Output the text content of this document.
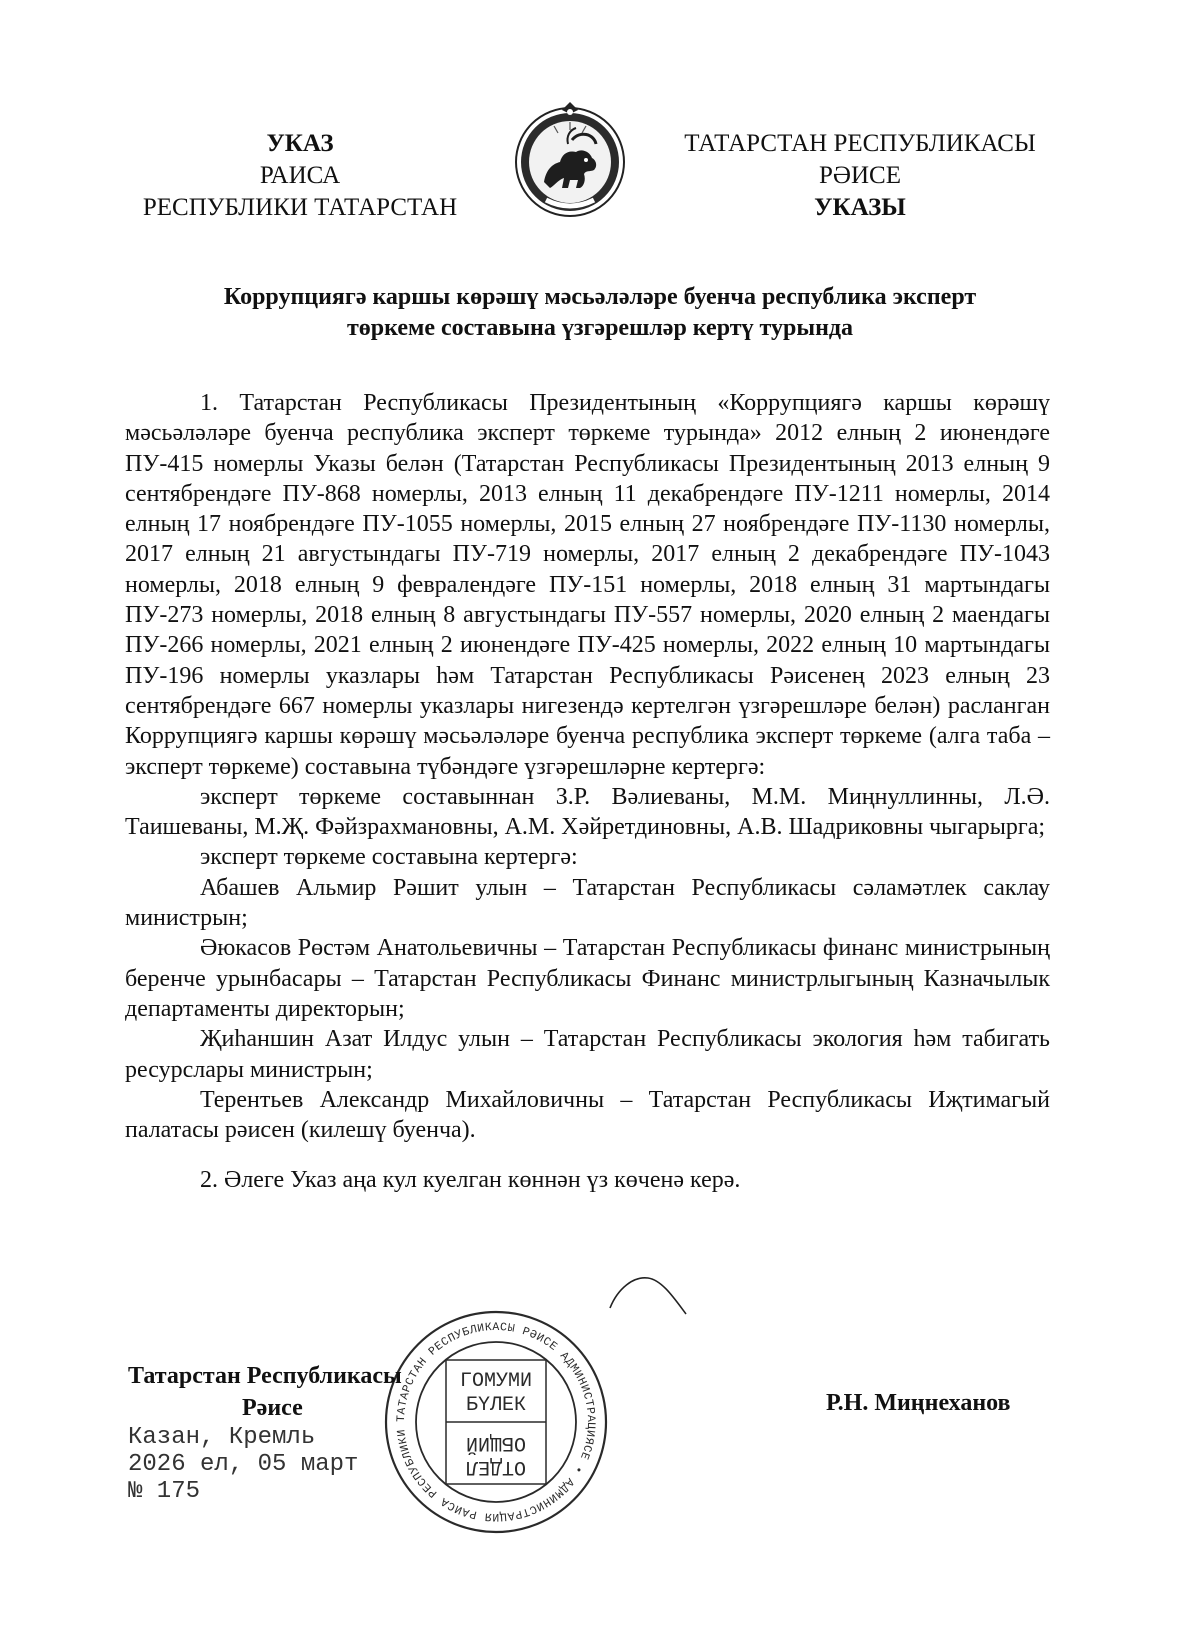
УКАЗ
РАИСА
РЕСПУБЛИКИ ТАТАРСТАН
ТАТАРСТАН РЕСПУБЛИКАСЫ
РӘИСЕ
УКАЗЫ
Коррупциягә каршы көрәшү мәсьәләләре буенча республика эксперт
төркеме составына үзгәрешләр кертү турында

1. Татарстан Республикасы Президентының «Коррупциягә каршы көрәшү мәсьәләләре буенча республика эксперт төркеме турында» 2012 елның 2 июнендәге ПУ-415 номерлы Указы белән (Татарстан Республикасы Президентының 2013 елның 9 сентябрендәге ПУ-868 номерлы, 2013 елның 11 декабрендәге ПУ-1211 номерлы, 2014 елның 17 ноябрендәге ПУ-1055 номерлы, 2015 елның 27 ноябрендәге ПУ-1130 номерлы, 2017 елның 21 августындагы ПУ-719 номерлы, 2017 елның 2 декабрендәге ПУ-1043 номерлы, 2018 елның 9 февралендәге ПУ-151 номерлы, 2018 елның 31 мартындагы ПУ-273 номерлы, 2018 елның 8 августындагы ПУ-557 номерлы, 2020 елның 2 маендагы ПУ-266 номерлы, 2021 елның 2 июнендәге ПУ-425 номерлы, 2022 елның 10 мартындагы ПУ-196 номерлы указлары һәм Татарстан Республикасы Рәисенең 2023 елның 23 сентябрендәге 667 номерлы указлары нигезендә кертелгән үзгәрешләре белән) расланган Коррупциягә каршы көрәшү мәсьәләләре буенча республика эксперт төркеме (алга таба – эксперт төркеме) составына түбәндәге үзгәрешләрне кертергә:

эксперт төркеме составыннан З.Р. Вәлиеваны, М.М. Миңнуллинны, Л.Ә. Таишеваны, М.Җ. Фәйзрахмановны, А.М. Хәйретдиновны, А.В. Шадриковны чыгарырга;

эксперт төркеме составына кертергә:

Абашев Альмир Рәшит улын – Татарстан Республикасы сәламәтлек саклау министрын;

Әюкасов Рөстәм Анатольевичны – Татарстан Республикасы финанс министрының беренче урынбасары – Татарстан Республикасы Финанс министрлыгының Казначылык департаменты директорын;

Җиһаншин Азат Илдус улын – Татарстан Республикасы экология һәм табигать ресурслары министрын;

Терентьев Александр Михайловичны – Татарстан Республикасы Иҗтимагый палатасы рәисен (килешү буенча).

2. Әлеге Указ аңа кул куелган көннән үз көченә керә.

ТАТАРСТАН РЕСПУБЛИКАСЫ РӘИСЕ АДМИНИСТРАЦИЯСЕ • АДМИНИСТРАЦИЯ РАИСА РЕСПУБЛИКИ
ГОМУМИ
БҮЛЕК
ОТДЕЛ
ОБЩИЙ
Татарстан Республикасы
Рәисе	Р.Н. Миңнеханов
Казан, Кремль
2026 ел, 05 март
№ 175
